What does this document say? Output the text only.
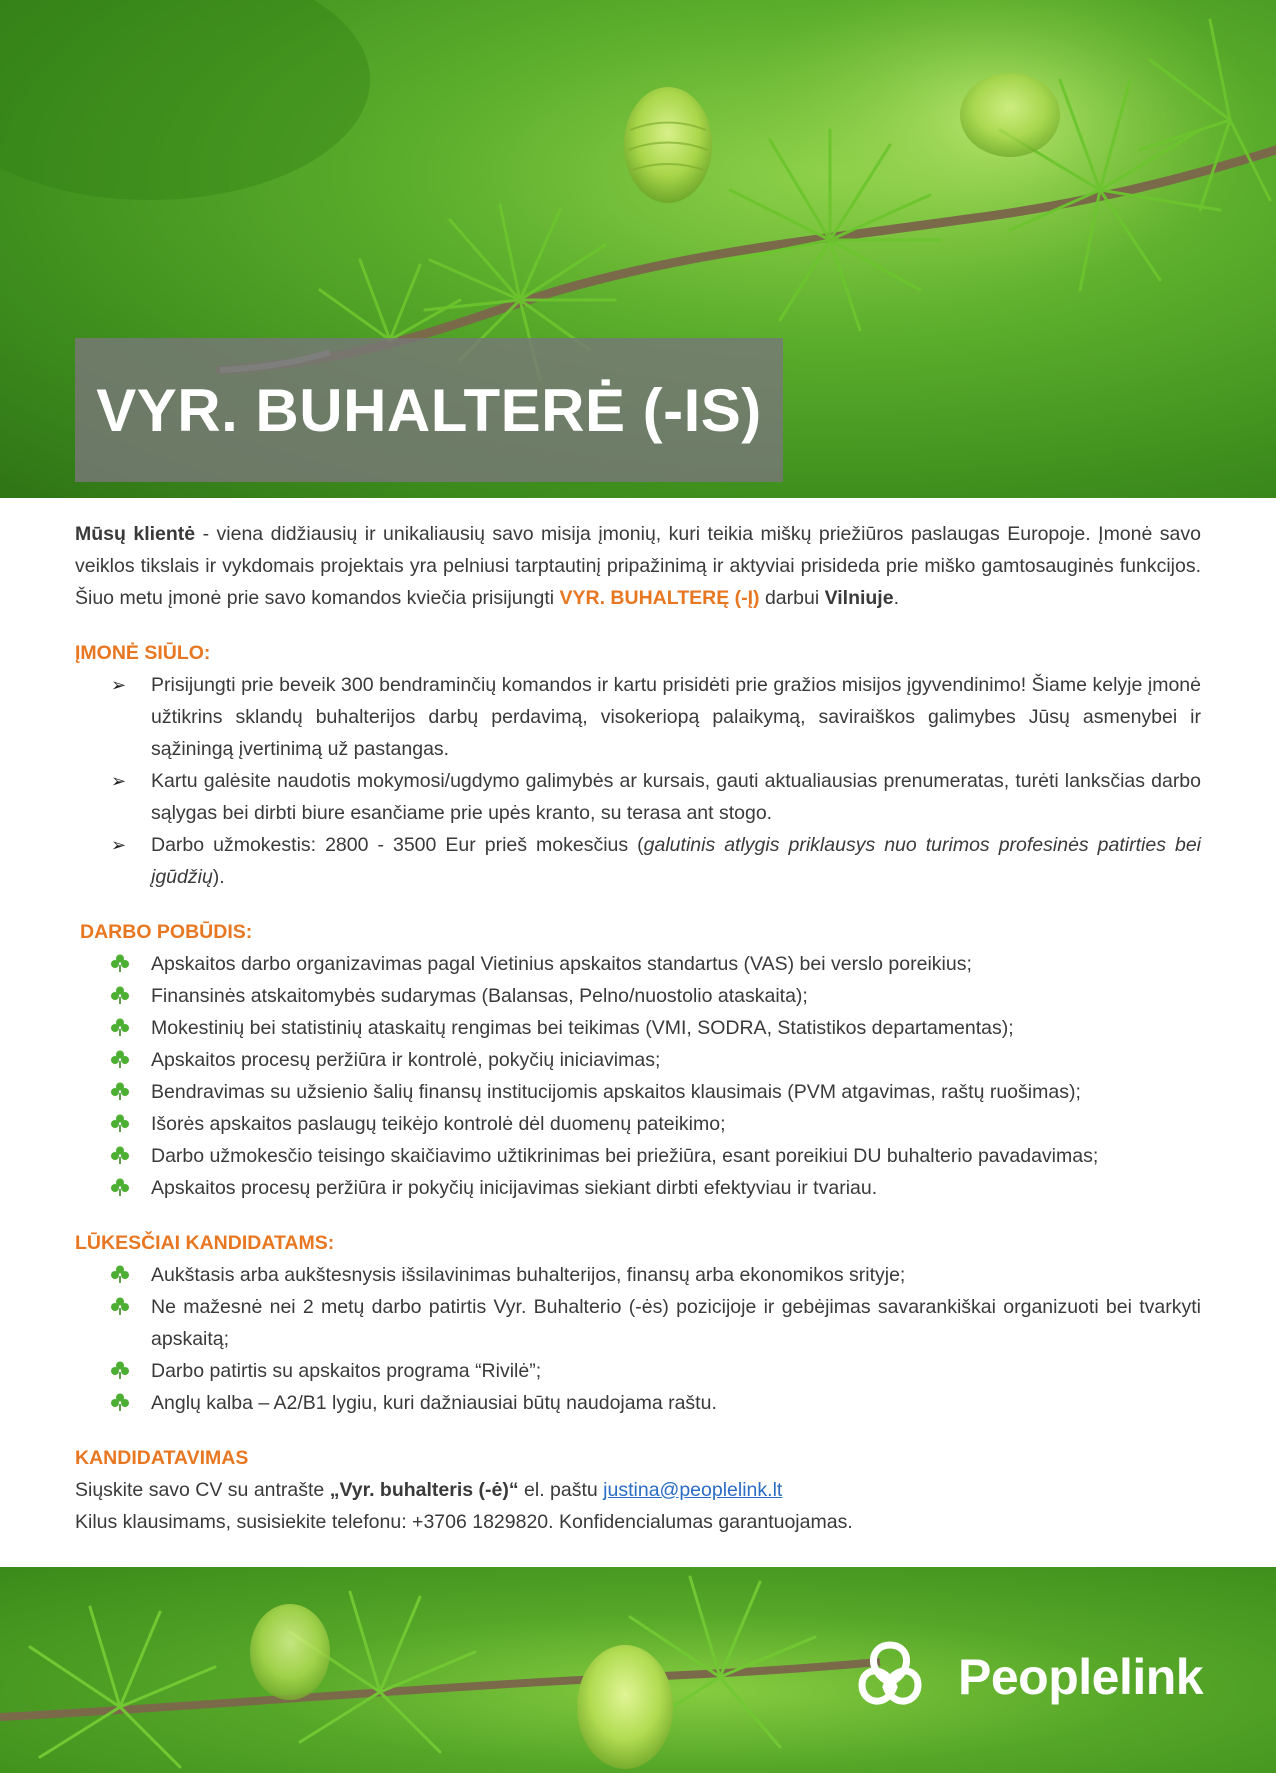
VYR. BUHALTERĖ (-IS)

Mūsų klientė - viena didžiausių ir unikaliausių savo misija įmonių, kuri teikia miškų priežiūros paslaugas Europoje. Įmonė savo veiklos tikslais ir vykdomais projektais yra pelniusi tarptautinį pripažinimą ir aktyviai prisideda prie miško gamtosauginės funkcijos. Šiuo metu įmonė prie savo komandos kviečia prisijungti VYR. BUHALTERĘ (-Į) darbui Vilniuje.

ĮMONĖ SIŪLO:
➢ Prisijungti prie beveik 300 bendraminčių komandos ir kartu prisidėti prie gražios misijos įgyvendinimo! Šiame kelyje įmonė užtikrins sklandų buhalterijos darbų perdavimą, visokeriopą palaikymą, saviraiškos galimybes Jūsų asmenybei ir sąžiningą įvertinimą už pastangas.
➢ Kartu galėsite naudotis mokymosi/ugdymo galimybės ar kursais, gauti aktualiausias prenumeratas, turėti lanksčias darbo sąlygas bei dirbti biure esančiame prie upės kranto, su terasa ant stogo.
➢ Darbo užmokestis: 2800 - 3500 Eur prieš mokesčius (galutinis atlygis priklausys nuo turimos profesinės patirties bei įgūdžių).
DARBO POBŪDIS:
Apskaitos darbo organizavimas pagal Vietinius apskaitos standartus (VAS) bei verslo poreikius;
Finansinės atskaitomybės sudarymas (Balansas, Pelno/nuostolio ataskaita);
Mokestinių bei statistinių ataskaitų rengimas bei teikimas (VMI, SODRA, Statistikos departamentas);
Apskaitos procesų peržiūra ir kontrolė, pokyčių iniciavimas;
Bendravimas su užsienio šalių finansų institucijomis apskaitos klausimais (PVM atgavimas, raštų ruošimas);
Išorės apskaitos paslaugų teikėjo kontrolė dėl duomenų pateikimo;
Darbo užmokesčio teisingo skaičiavimo užtikrinimas bei priežiūra, esant poreikiui DU buhalterio pavadavimas;
Apskaitos procesų peržiūra ir pokyčių inicijavimas siekiant dirbti efektyviau ir tvariau.
LŪKESČIAI KANDIDATAMS:
Aukštasis arba aukštesnysis išsilavinimas buhalterijos, finansų arba ekonomikos srityje;
Ne mažesnė nei 2 metų darbo patirtis Vyr. Buhalterio (-ės) pozicijoje ir gebėjimas savarankiškai organizuoti bei tvarkyti apskaitą;
Darbo patirtis su apskaitos programa “Rivilė”;
Anglų kalba – A2/B1 lygiu, kuri dažniausiai būtų naudojama raštu.
KANDIDATAVIMAS

Siųskite savo CV su antrašte „Vyr. buhalteris (-ė)“ el. paštu justina@peoplelink.lt

Kilus klausimams, susisiekite telefonu: +3706 1829820. Konfidencialumas garantuojamas.

Peoplelink
